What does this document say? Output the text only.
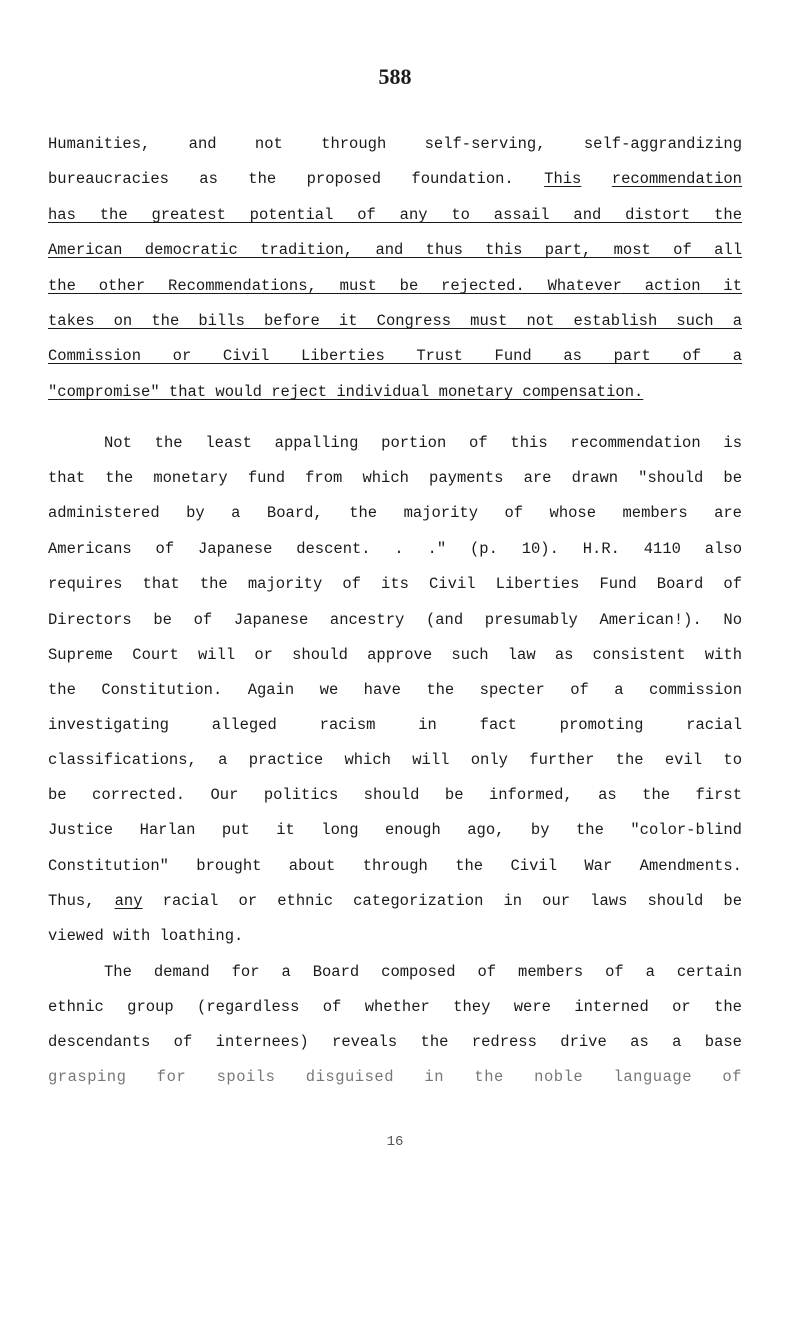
588
Humanities, and not through self-serving, self-aggrandizing
bureaucracies as the proposed foundation. This recommendation
has the greatest potential of any to assail and distort the
American democratic tradition, and thus this part, most of all
the other Recommendations, must be rejected. Whatever action it
takes on the bills before it Congress must not establish such a
Commission or Civil Liberties Trust Fund as part of a
"compromise" that would reject individual monetary compensation.
Not the least appalling portion of this recommendation is
that the monetary fund from which payments are drawn "should be
administered by a Board, the majority of whose members are
Americans of Japanese descent. . ." (p. 10). H.R. 4110 also
requires that the majority of its Civil Liberties Fund Board of
Directors be of Japanese ancestry (and presumably American!). No
Supreme Court will or should approve such law as consistent with
the Constitution. Again we have the specter of a commission
investigating alleged racism in fact promoting racial
classifications, a practice which will only further the evil to
be corrected. Our politics should be informed, as the first
Justice Harlan put it long enough ago, by the "color-blind
Constitution" brought about through the Civil War Amendments.
Thus, any racial or ethnic categorization in our laws should be
viewed with loathing.
The demand for a Board composed of members of a certain
ethnic group (regardless of whether they were interned or the
descendants of internees) reveals the redress drive as a base
grasping for spoils disguised in the noble language of
16
